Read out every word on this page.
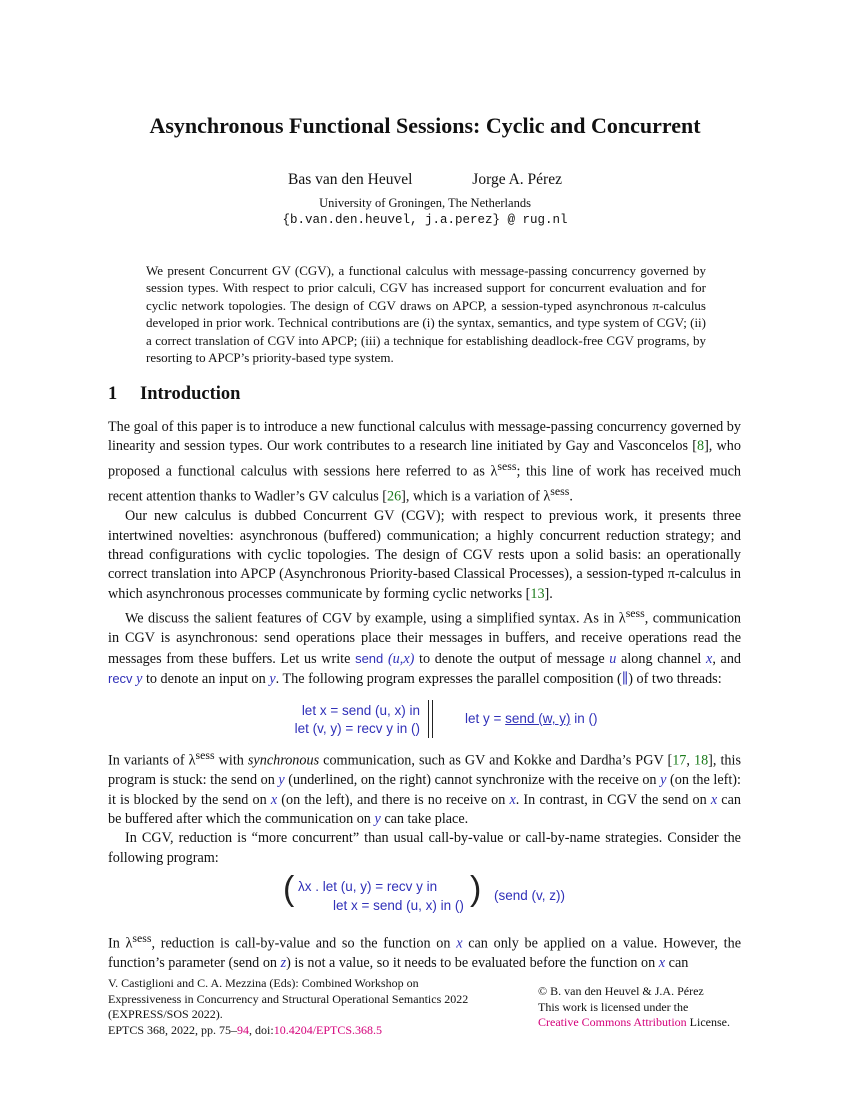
Asynchronous Functional Sessions: Cyclic and Concurrent
Bas van den Heuvel	Jorge A. Pérez
University of Groningen, The Netherlands
{b.van.den.heuvel, j.a.perez} @ rug.nl
We present Concurrent GV (CGV), a functional calculus with message-passing concurrency governed by session types. With respect to prior calculi, CGV has increased support for concurrent evaluation and for cyclic network topologies. The design of CGV draws on APCP, a session-typed asynchronous π-calculus developed in prior work. Technical contributions are (i) the syntax, semantics, and type system of CGV; (ii) a correct translation of CGV into APCP; (iii) a technique for establishing deadlock-free CGV programs, by resorting to APCP’s priority-based type system.
1 Introduction

The goal of this paper is to introduce a new functional calculus with message-passing concurrency governed by linearity and session types. Our work contributes to a research line initiated by Gay and Vasconcelos [8], who proposed a functional calculus with sessions here referred to as $\lambda^{sess}$; this line of work has received much recent attention thanks to Wadler’s GV calculus [26], which is a variation of $\lambda^{sess}$.

Our new calculus is dubbed Concurrent GV (CGV); with respect to previous work, it presents three intertwined novelties: asynchronous (buffered) communication; a highly concurrent reduction strategy; and thread configurations with cyclic topologies. The design of CGV rests upon a solid basis: an operationally correct translation into APCP (Asynchronous Priority-based Classical Processes), a session-typed π-calculus in which asynchronous processes communicate by forming cyclic networks [13].

We discuss the salient features of CGV by example, using a simplified syntax. As in $\lambda^{sess}$, communication in CGV is asynchronous: send operations place their messages in buffers, and receive operations read the messages from these buffers. Let us write send (u,x) to denote the output of message u along channel x, and recv y to denote an input on y. The following program expresses the parallel composition (∥) of two threads:

let x = send (u, x) in
let (v, y) = recv y in ()
let y = send (w, y) in ()

In variants of $\lambda^{sess}$ with synchronous communication, such as GV and Kokke and Dardha’s PGV [17, 18], this program is stuck: the send on y (underlined, on the right) cannot synchronize with the receive on y (on the left): it is blocked by the send on x (on the left), and there is no receive on x. In contrast, in CGV the send on x can be buffered after which the communication on y can take place.

In CGV, reduction is “more concurrent” than usual call-by-value or call-by-name strategies. Consider the following program:

( λx . let (u, y) = recv y in
let x = send (u, x) in () ) (send (v, z))

In $\lambda^{sess}$, reduction is call-by-value and so the function on x can only be applied on a value. However, the function’s parameter (send on z) is not a value, so it needs to be evaluated before the function on x can

V. Castiglioni and C. A. Mezzina (Eds): Combined Workshop on
Expressiveness in Concurrency and Structural Operational Semantics 2022
(EXPRESS/SOS 2022).
EPTCS 368, 2022, pp. 75–94, doi:10.4204/EPTCS.368.5
© B. van den Heuvel & J.A. Pérez
This work is licensed under the
Creative Commons Attribution License.
